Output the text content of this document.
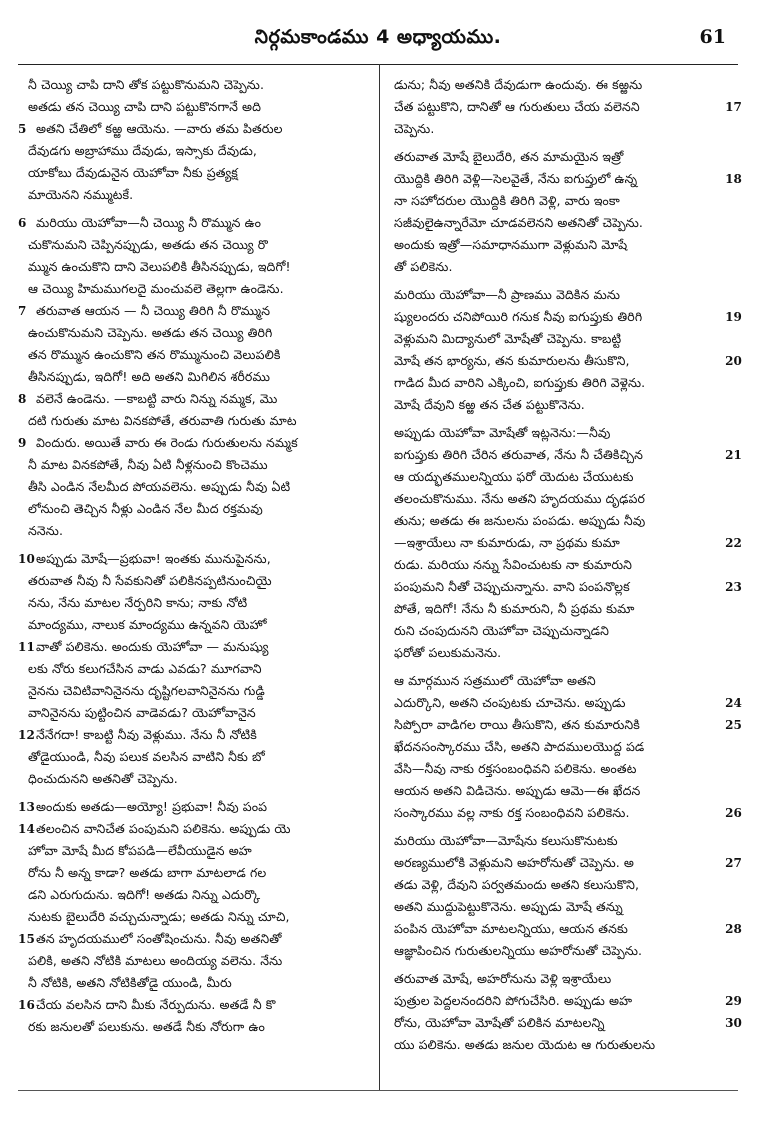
నిర్గమకాండము 4 అధ్యాయము.	61
నీ చెయ్యి చాపి దాని తోక పట్టుకొనుమని చెప్పెను.
అతడు తన చెయ్యి చాపి దాని పట్టుకొనగానే అది
5 అతని చేతిలో కఱ్ఱ ఆయెను. —వారు తమ పితరుల
దేవుడగు అబ్రాహాము దేవుడు, ఇస్సాకు దేవుడు,
యాకోబు దేవుడునైన యెహోవా నీకు ప్రత్యక్ష
మాయెనని నమ్ముటకే.
6 మరియు యెహోవా—నీ చెయ్యి నీ రొమ్మున ఉం
చుకొనుమని చెప్పినప్పుడు, అతడు తన చెయ్యి రొ
మ్మున ఉంచుకొని దాని వెలుపలికి తీసినప్పుడు, ఇదిగో!
ఆ చెయ్యి హిమముగలదై మంచువలె తెల్లగా ఉండెను.
7 తరువాత ఆయన — నీ చెయ్యి తిరిగి నీ రొమ్మున
ఉంచుకొనుమని చెప్పెను. అతడు తన చెయ్యి తిరిగి
తన రొమ్మున ఉంచుకొని తన రొమ్మునుంచి వెలుపలికి
తీసినప్పుడు, ఇదిగో! అది అతని మిగిలిన శరీరము
8 వలెనే ఉండెను. —కాబట్టి వారు నిన్ను నమ్మక, మొ
దటి గురుతు మాట వినకపోతే, తరువాతి గురుతు మాట
9 విందురు. అయితే వారు ఈ రెండు గురుతులను నమ్మక
నీ మాట వినకపోతే, నీవు ఏటి నీళ్లనుంచి కొంచెము
తీసి ఎండిన నేలమీద పోయవలెను. అప్పుడు నీవు ఏటి
లోనుంచి తెచ్చిన నీళ్లు ఎండిన నేల మీద రక్తమవు
ననెను.
10 అప్పుడు మోషే—ప్రభువా! ఇంతకు మునుపైనను,
తరువాత నీవు నీ సేవకునితో పలికినప్పటినుంచియై
నను, నేను మాటల నేర్పరిని కాను; నాకు నోటి
మాంద్యము, నాలుక మాంద్యము ఉన్నవని యెహో
11 వాతో పలికెను. అందుకు యెహోవా — మనుష్యు
లకు నోరు కలుగచేసిన వాడు ఎవడు? మూగవాని
నైనను చెవిటివానినైనను దృష్టిగలవానినైనను గుడ్డి
వానినైనను పుట్టించిన వాడెవడు? యెహోవానైన
12 నేనేగదా! కాబట్టి నీవు వెళ్లుము. నేను నీ నోటికి
తోడైయుండి, నీవు పలుక వలసిన వాటిని నీకు బో
ధించుదునని అతనితో చెప్పెను.
13 అందుకు అతడు—అయ్యో! ప్రభువా! నీవు పంప
14 తలంచిన వానిచేత పంపుమని పలికెను. అప్పుడు యె
హోవా మోషే మీద కోపపడి—లేవీయుడైన అహ
రోను నీ అన్న కాడా? అతడు బాగా మాటలాడ గల
డని ఎరుగుదును. ఇదిగో! అతడు నిన్ను ఎదుర్కొ
నుటకు బైలుదేరి వచ్చుచున్నాడు; అతడు నిన్ను చూచి,
15 తన హృదయములో సంతోషించును. నీవు అతనితో
పలికి, అతని నోటికి మాటలు అందియ్య వలెను. నేను
నీ నోటికి, అతని నోటికితోడై యుండి, మీరు
16 చేయ వలసిన దాని మీకు నేర్పుదును. అతడే నీ కొ
రకు జనులతో పలుకును. అతడే నీకు నోరుగా ఉం
డును; నీవు అతనికి దేవుడుగా ఉందువు. ఈ కఱ్ఱను
17
చేత పట్టుకొని, దానితో ఆ గురుతులు చేయ వలెనని
చెప్పెను.
తరువాత మోషే బైలుదేరి, తన మామయైన ఇత్రో
18
యొద్దికి తిరిగి వెళ్లి—సెలవైతే, నేను ఐగుప్తులో ఉన్న
నా సహోదరుల యొద్దికి తిరిగి వెళ్లి, వారు ఇంకా
సజీవులైఉన్నారేమో చూడవలెనని అతనితో చెప్పెను.
అందుకు ఇత్రో—సమాధానముగా వెళ్లుమని మోషే
తో పలికెను.
మరియు యెహోవా—నీ ప్రాణము వెదికిన మను
19
ష్యులందరు చనిపోయిరి గనుక నీవు ఐగుప్తుకు తిరిగి
వెళ్లుమని మిద్యానులో మోషేతో చెప్పెను. కాబట్టి
20
మోషే తన భార్యను, తన కుమారులను తీసుకొని,
గాడిద మీద వారిని ఎక్కించి, ఐగుప్తుకు తిరిగి వెళ్లెను.
మోషే దేవుని కఱ్ఱ తన చేత పట్టుకొనెను.
అప్పుడు యెహోవా మోషేతో ఇట్లనెను:—నీవు
21
ఐగుప్తుకు తిరిగి చేరిన తరువాత, నేను నీ చేతికిచ్చిన
ఆ యద్భుతములన్నియు ఫరో యెదుట చేయుటకు
తలంచుకొనుము. నేను అతని హృదయము దృఢపర
తును; అతడు ఈ జనులను పంపడు. అప్పుడు నీవు
22
—ఇశ్రాయేలు నా కుమారుడు, నా ప్రథమ కుమా
రుడు. మరియు నన్ను సేవించుటకు నా కుమారుని
23
పంపుమని నీతో చెప్పుచున్నాను. వాని పంపనొల్లక
పోతే, ఇదిగో! నేను నీ కుమారుని, నీ ప్రథమ కుమా
రుని చంపుదునని యెహోవా చెప్పుచున్నాడని
ఫరోతో పలుకుమనెను.
ఆ మార్గమున సత్రములో యెహోవా అతని
24
ఎదుర్కొని, అతని చంపుటకు చూచెను. అప్పుడు
25
సిప్పోరా వాడిగల రాయి తీసుకొని, తన కుమారునికి
ఖేదనసంస్కారము చేసి, అతని పాదములయొద్ద పడ
వేసి—నీవు నాకు రక్తసంబంధివని పలికెను. అంతట
ఆయన అతని విడిచెను. అప్పుడు ఆమె—ఈ ఖేదన
26
సంస్కారము వల్ల నాకు రక్త సంబంధివని పలికెను.
మరియు యెహోవా—మోషేను కలుసుకొనుటకు
27
అరణ్యములోకి వెళ్లుమని అహరోనుతో చెప్పెను. అ
తడు వెళ్లి, దేవుని పర్వతమందు అతని కలుసుకొని,
అతని ముద్దుపెట్టుకొనెను. అప్పుడు మోషే తన్ను
28
పంపిన యెహోవా మాటలన్నియు, ఆయన తనకు
ఆజ్ఞాపించిన గురుతులన్నియు అహరోనుతో చెప్పెను.
తరువాత మోషే, అహరోనును వెళ్లి ఇశ్రాయేలు
29
పుత్రుల పెద్దలనందరిని పోగుచేసిరి. అప్పుడు అహ
30
రోను, యెహోవా మోషేతో పలికిన మాటలన్ని
యు పలికెను. అతడు జనుల యెదుట ఆ గురుతులను
